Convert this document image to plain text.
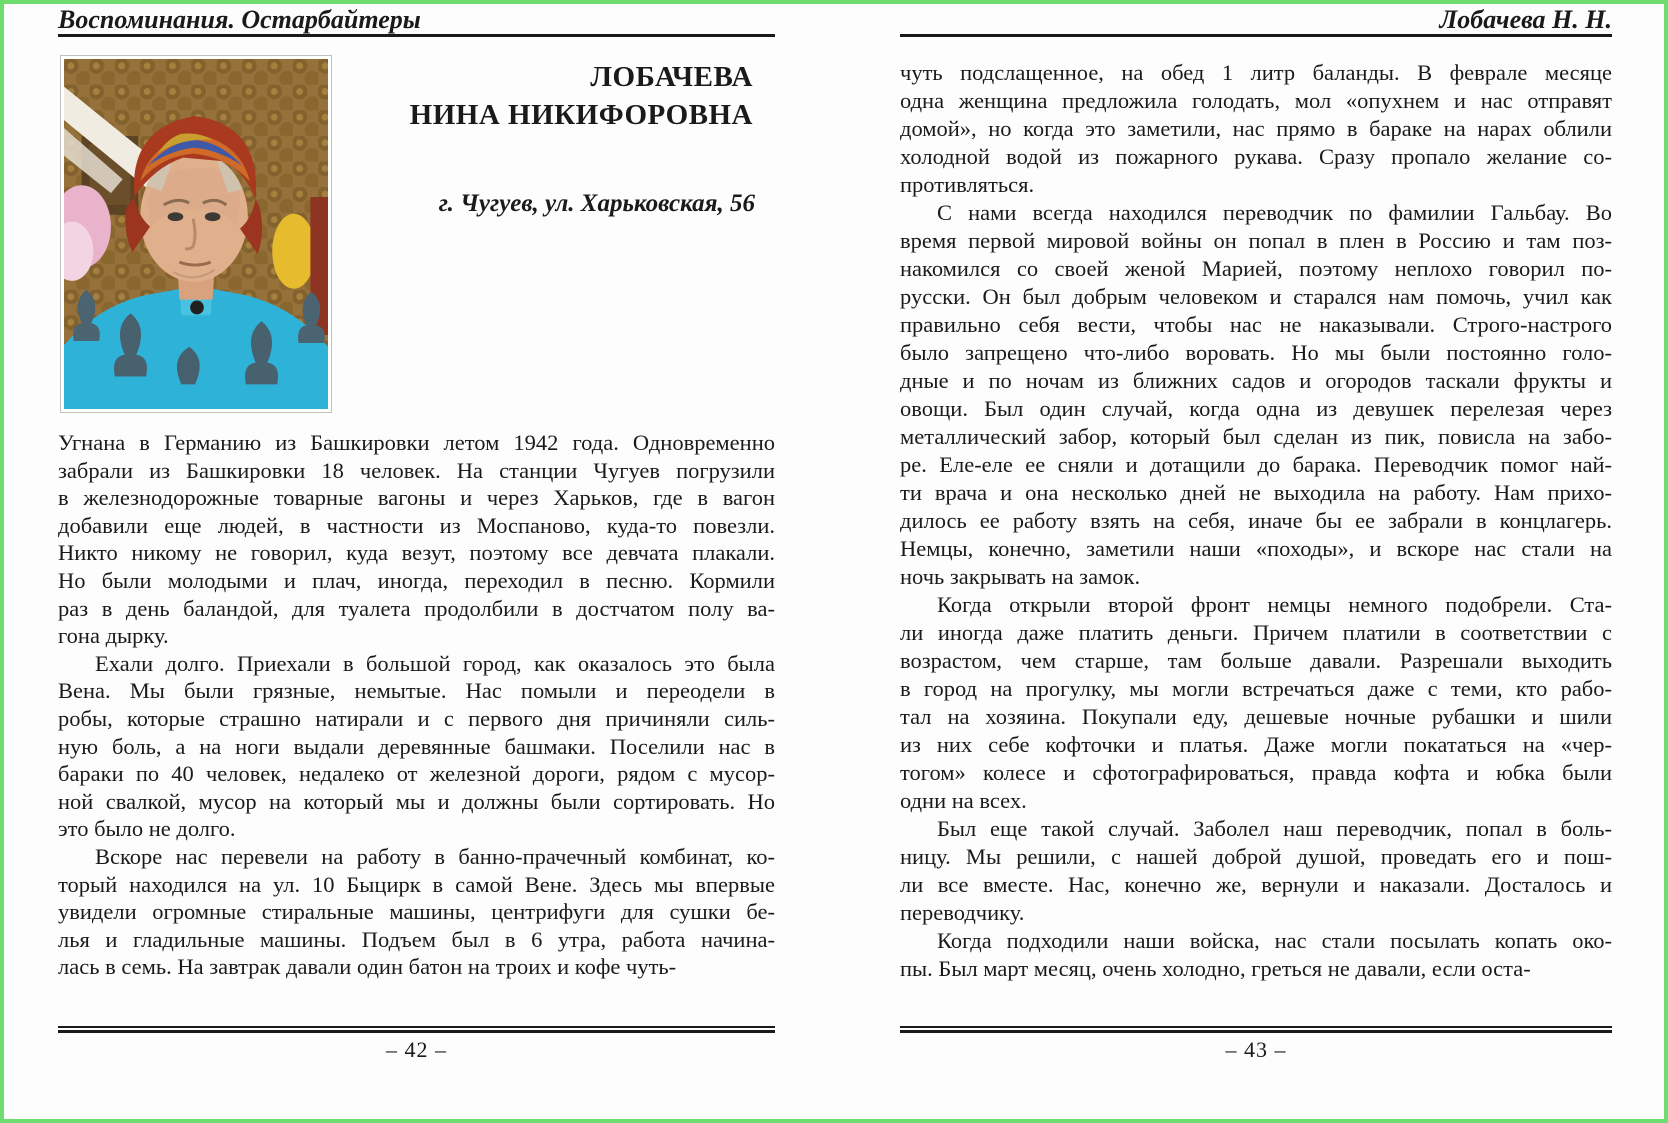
Воспоминания. Остарбайтеры
ЛОБАЧЕВА
НИНА НИКИФОРОВНА
г. Чугуев, ул. Харьковская, 56
Угнана в Германию из Башкировки летом 1942 года. Одновременно
забрали из Башкировки 18 человек. На станции Чугуев погрузили
в железнодорожные товарные вагоны и через Харьков, где в вагон
добавили еще людей, в частности из Моспаново, куда-то повезли.
Никто никому не говорил, куда везут, поэтому все девчата плакали.
Но были молодыми и плач, иногда, переходил в песню. Кормили
раз в день баландой, для туалета продолбили в достчатом полу ва-
гона дырку.
Ехали долго. Приехали в большой город, как оказалось это была
Вена. Мы были грязные, немытые. Нас помыли и переодели в
робы, которые страшно натирали и с первого дня причиняли силь-
ную боль, а на ноги выдали деревянные башмаки. Поселили нас в
бараки по 40 человек, недалеко от железной дороги, рядом с мусор-
ной свалкой, мусор на который мы и должны были сортировать. Но
это было не долго.
Вскоре нас перевели на работу в банно-прачечный комбинат, ко-
торый находился на ул. 10 Быцирк в самой Вене. Здесь мы впервые
увидели огромные стиральные машины, центрифуги для сушки бе-
лья и гладильные машины. Подъем был в 6 утра, работа начина-
лась в семь. На завтрак давали один батон на троих и кофе чуть-
– 42 –
Лобачева Н. Н.
чуть подслащенное, на обед 1 литр баланды. В феврале месяце
одна женщина предложила голодать, мол «опухнем и нас отправят
домой», но когда это заметили, нас прямо в бараке на нарах облили
холодной водой из пожарного рукава. Сразу пропало желание со-
противляться.
С нами всегда находился переводчик по фамилии Гальбау. Во
время первой мировой войны он попал в плен в Россию и там поз-
накомился со своей женой Марией, поэтому неплохо говорил по-
русски. Он был добрым человеком и старался нам помочь, учил как
правильно себя вести, чтобы нас не наказывали. Строго-настрого
было запрещено что-либо воровать. Но мы были постоянно голо-
дные и по ночам из ближних садов и огородов таскали фрукты и
овощи. Был один случай, когда одна из девушек перелезая через
металлический забор, который был сделан из пик, повисла на забо-
ре. Еле-еле ее сняли и дотащили до барака. Переводчик помог най-
ти врача и она несколько дней не выходила на работу. Нам прихо-
дилось ее работу взять на себя, иначе бы ее забрали в концлагерь.
Немцы, конечно, заметили наши «походы», и вскоре нас стали на
ночь закрывать на замок.
Когда открыли второй фронт немцы немного подобрели. Ста-
ли иногда даже платить деньги. Причем платили в соответствии с
возрастом, чем старше, там больше давали. Разрешали выходить
в город на прогулку, мы могли встречаться даже с теми, кто рабо-
тал на хозяина. Покупали еду, дешевые ночные рубашки и шили
из них себе кофточки и платья. Даже могли покататься на «чер-
тогом» колесе и сфотографироваться, правда кофта и юбка были
одни на всех.
Был еще такой случай. Заболел наш переводчик, попал в боль-
ницу. Мы решили, с нашей доброй душой, проведать его и пош-
ли все вместе. Нас, конечно же, вернули и наказали. Досталось и
переводчику.
Когда подходили наши войска, нас стали посылать копать око-
пы. Был март месяц, очень холодно, греться не давали, если оста-
– 43 –
